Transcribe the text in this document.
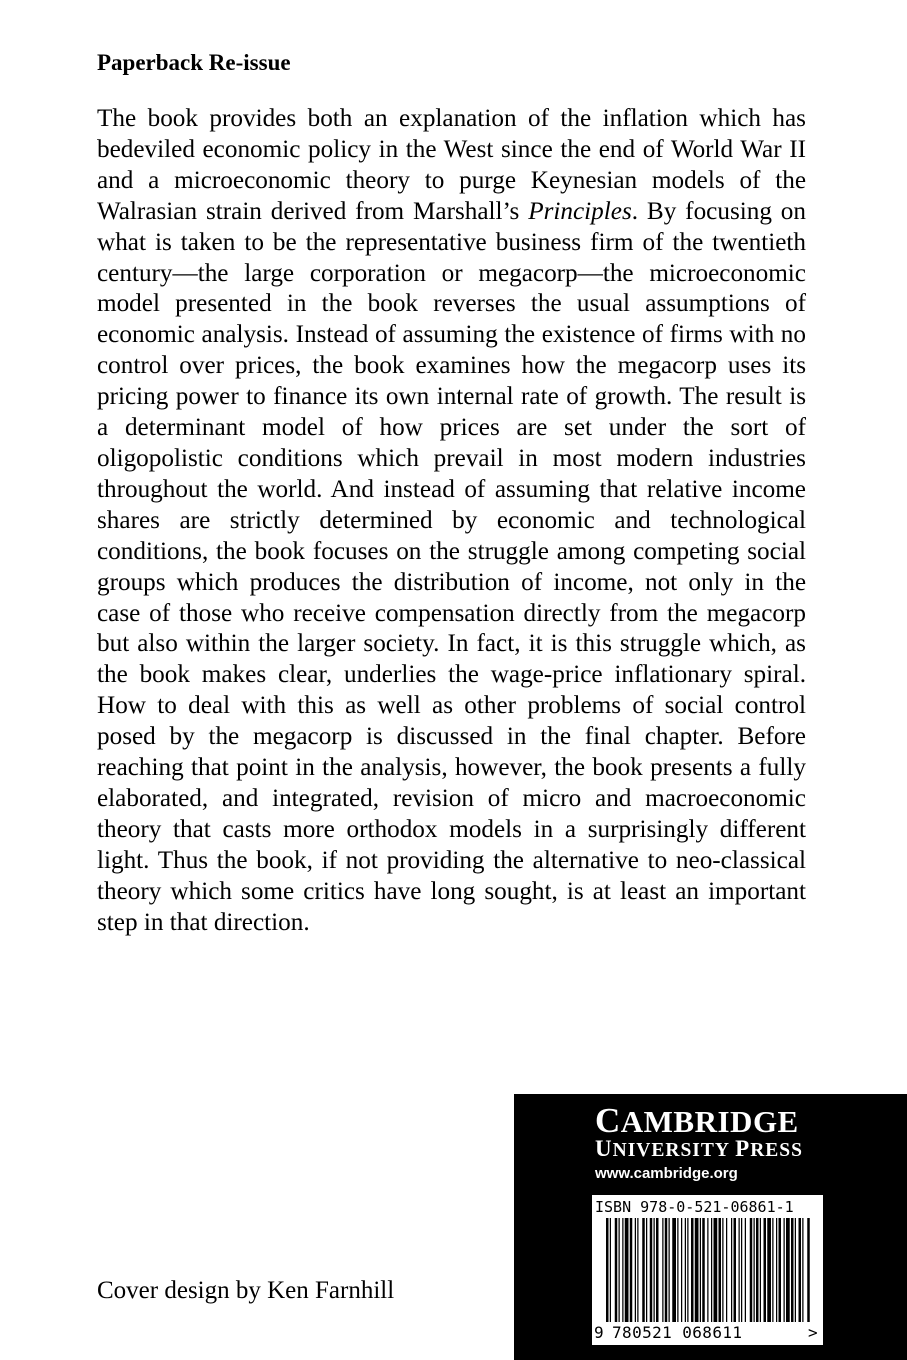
Paperback Re-issue

The book provides both an explanation of the inflation which has bedeviled economic policy in the West since the end of World War II and a microeconomic theory to purge Keynesian models of the Walrasian strain derived from Marshall’s Principles. By focusing on what is taken to be the representative business firm of the twentieth century—the large corporation or megacorp—the microeconomic model presented in the book reverses the usual assumptions of economic analysis. Instead of assuming the existence of firms with no control over prices, the book examines how the megacorp uses its pricing power to finance its own internal rate of growth. The result is a determinant model of how prices are set under the sort of oligopolistic conditions which prevail in most modern industries throughout the world. And instead of assuming that relative income shares are strictly determined by economic and technological conditions, the book focuses on the struggle among competing social groups which produces the distribution of income, not only in the case of those who receive compensation directly from the megacorp but also within the larger society. In fact, it is this struggle which, as the book makes clear, underlies the wage-price inflationary spiral. How to deal with this as well as other problems of social control posed by the megacorp is discussed in the final chapter. Before reaching that point in the analysis, however, the book presents a fully elaborated, and integrated, revision of micro and macroeconomic theory that casts more orthodox models in a surprisingly different light. Thus the book, if not providing the alternative to neo-classical theory which some critics have long sought, is at least an important step in that direction.

Cover design by Ken Farnhill

CAMBRIDGE
UNIVERSITY PRESS
www.cambridge.org
ISBN 978-0-521-06861-1
9 780521 068611	>
